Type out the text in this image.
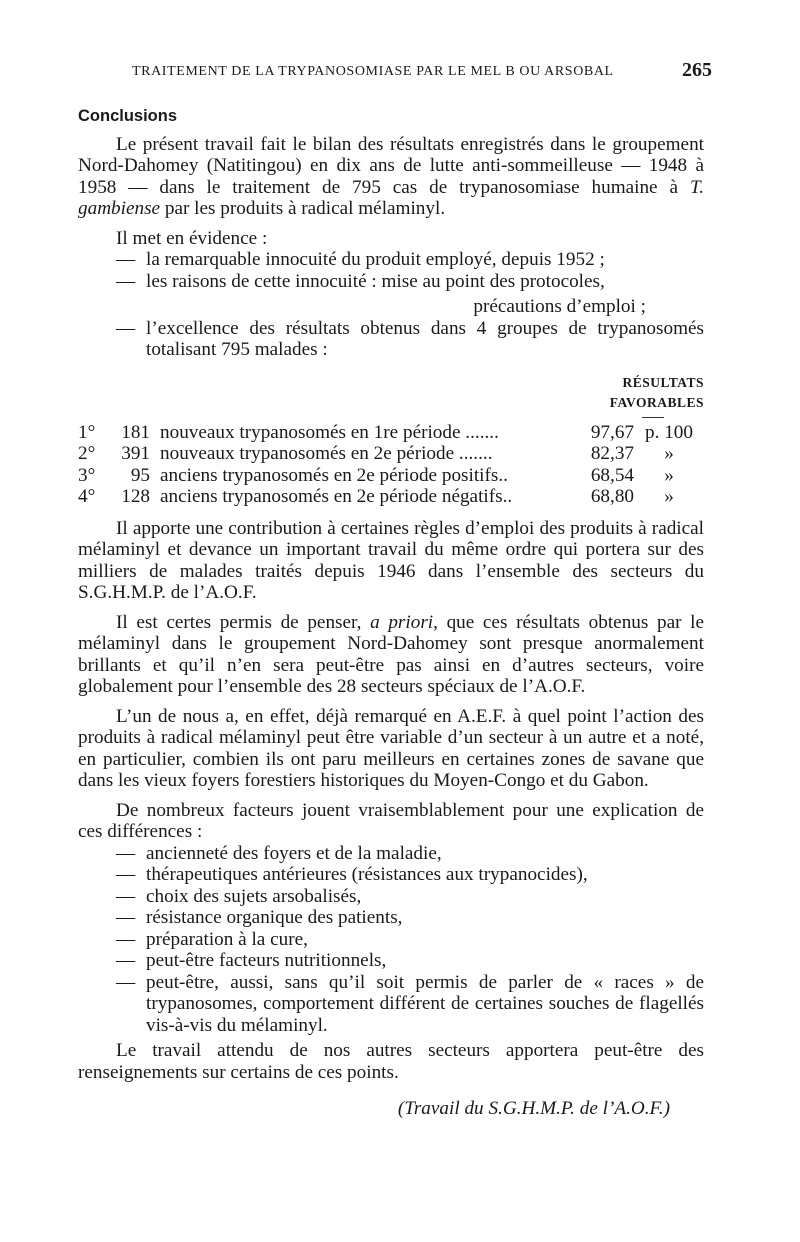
TRAITEMENT DE LA TRYPANOSOMIASE PAR LE MEL B OU ARSOBAL	265
Conclusions

Le présent travail fait le bilan des résultats enregistrés dans le groupement Nord-Dahomey (Natitingou) en dix ans de lutte anti-sommeilleuse — 1948 à 1958 — dans le traitement de 795 cas de trypanosomiase humaine à T. gambiense par les produits à radical mélaminyl.

Il met en évidence :
— la remarquable innocuité du produit employé, depuis 1952 ;
— les raisons de cette innocuité : mise au point des protocoles,
précautions d’emploi ;
— l’excellence des résultats obtenus dans 4 groupes de trypanosomés totalisant 795 malades :
RÉSULTATS
FAVORABLES
1°	181	nouveaux trypanosomés en 1re période .......	97,67	p. 100
2°	391	nouveaux trypanosomés en 2e période .......	82,37	»
3°	95	anciens trypanosomés en 2e période positifs..	68,54	»
4°	128	anciens trypanosomés en 2e période négatifs..	68,80	»

Il apporte une contribution à certaines règles d’emploi des produits à radical mélaminyl et devance un important travail du même ordre qui portera sur des milliers de malades traités depuis 1946 dans l’ensemble des secteurs du S.G.H.M.P. de l’A.O.F.

Il est certes permis de penser, a priori, que ces résultats obtenus par le mélaminyl dans le groupement Nord-Dahomey sont presque anormalement brillants et qu’il n’en sera peut-être pas ainsi en d’autres secteurs, voire globalement pour l’ensemble des 28 secteurs spéciaux de l’A.O.F.

L’un de nous a, en effet, déjà remarqué en A.E.F. à quel point l’action des produits à radical mélaminyl peut être variable d’un secteur à un autre et a noté, en particulier, combien ils ont paru meilleurs en certaines zones de savane que dans les vieux foyers forestiers historiques du Moyen-Congo et du Gabon.

De nombreux facteurs jouent vraisemblablement pour une explication de ces différences :

— ancienneté des foyers et de la maladie,
— thérapeutiques antérieures (résistances aux trypanocides),
— choix des sujets arsobalisés,
— résistance organique des patients,
— préparation à la cure,
— peut-être facteurs nutritionnels,
— peut-être, aussi, sans qu’il soit permis de parler de « races » de trypanosomes, comportement différent de certaines souches de flagellés vis-à-vis du mélaminyl.

Le travail attendu de nos autres secteurs apportera peut-être des renseignements sur certains de ces points.

(Travail du S.G.H.M.P. de l’A.O.F.)
